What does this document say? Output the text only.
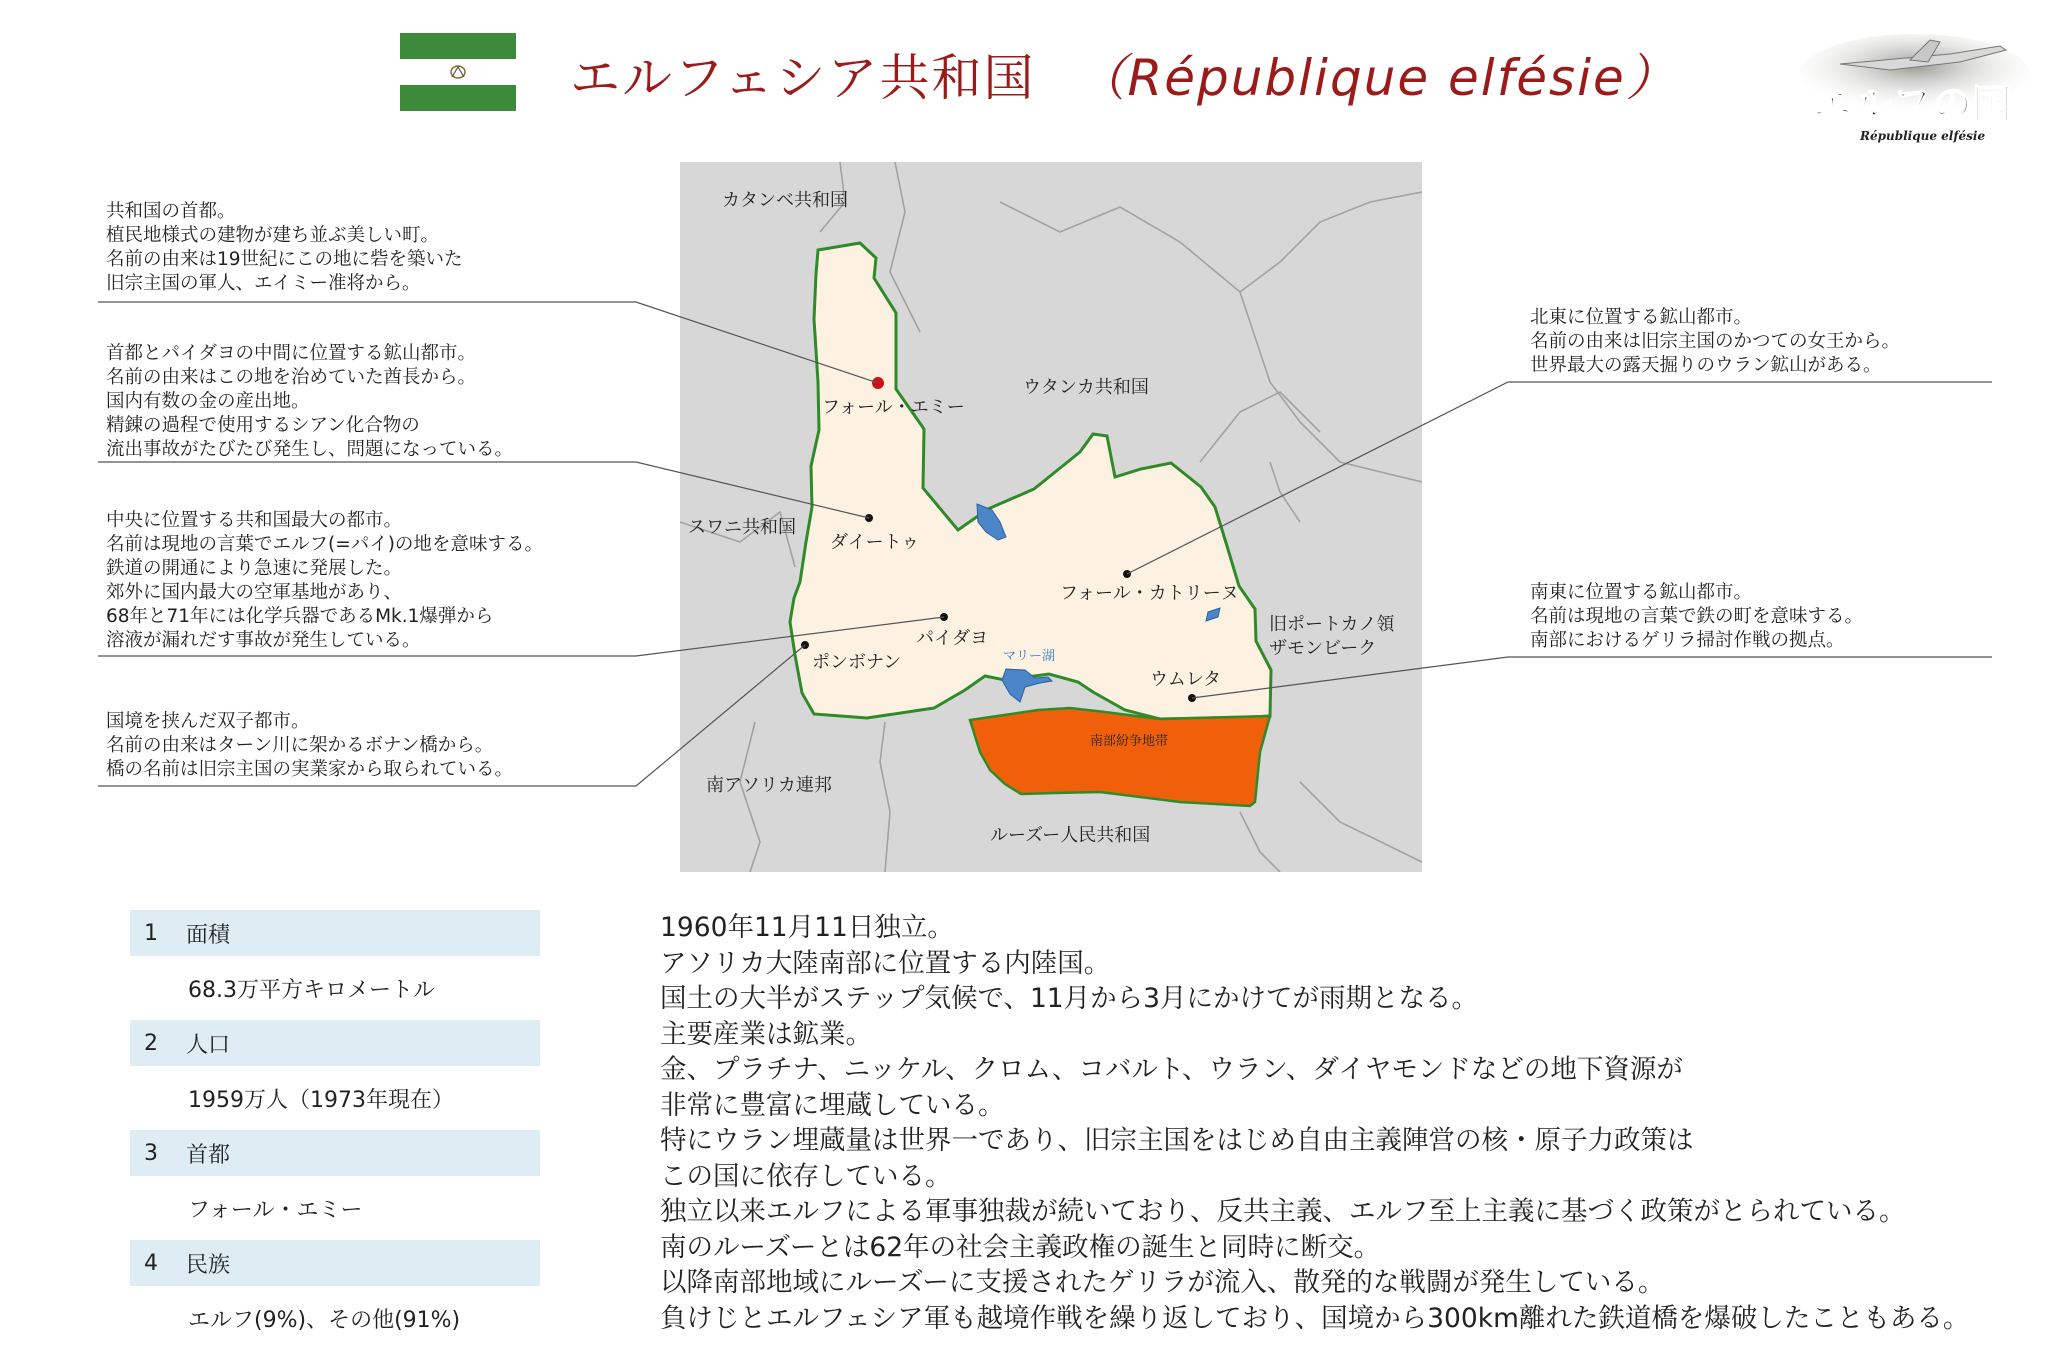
エルフェシア共和国 （République elfésie）	エルフの国
République elfésie
カタンベ共和国
ウタンカ共和国
スワニ共和国
旧ポートカノ領
ザモンビーク
南アソリカ連邦
ルーズー人民共和国
フォール・エミー
ダイートゥ
フォール・カトリーヌ
パイダヨ
ポンボナン
ウムレタ
マリー湖
南部紛争地帯
共和国の首都。
植民地様式の建物が建ち並ぶ美しい町。
名前の由来は19世紀にこの地に砦を築いた
旧宗主国の軍人、エイミー准将から。
首都とパイダヨの中間に位置する鉱山都市。
名前の由来はこの地を治めていた酋長から。
国内有数の金の産出地。
精錬の過程で使用するシアン化合物の
流出事故がたびたび発生し、問題になっている。
中央に位置する共和国最大の都市。
名前は現地の言葉でエルフ(=パイ)の地を意味する。
鉄道の開通により急速に発展した。
郊外に国内最大の空軍基地があり、
68年と71年には化学兵器であるMk.1爆弾から
溶液が漏れだす事故が発生している。
国境を挟んだ双子都市。
名前の由来はターン川に架かるボナン橋から。
橋の名前は旧宗主国の実業家から取られている。
北東に位置する鉱山都市。
名前の由来は旧宗主国のかつての女王から。
世界最大の露天掘りのウラン鉱山がある。
南東に位置する鉱山都市。
名前は現地の言葉で鉄の町を意味する。
南部におけるゲリラ掃討作戦の拠点。
1	面積
68.3万平方キロメートル
2	人口
1959万人（1973年現在）
3	首都
フォール・エミー
4	民族
エルフ(9%)、その他(91%)
1960年11月11日独立。
アソリカ大陸南部に位置する内陸国。
国土の大半がステップ気候で、11月から3月にかけてが雨期となる。
主要産業は鉱業。
金、プラチナ、ニッケル、クロム、コバルト、ウラン、ダイヤモンドなどの地下資源が
非常に豊富に埋蔵している。
特にウラン埋蔵量は世界一であり、旧宗主国をはじめ自由主義陣営の核・原子力政策は
この国に依存している。
独立以来エルフによる軍事独裁が続いており、反共主義、エルフ至上主義に基づく政策がとられている。
南のルーズーとは62年の社会主義政権の誕生と同時に断交。
以降南部地域にルーズーに支援されたゲリラが流入、散発的な戦闘が発生している。
負けじとエルフェシア軍も越境作戦を繰り返しており、国境から300km離れた鉄道橋を爆破したこともある。
